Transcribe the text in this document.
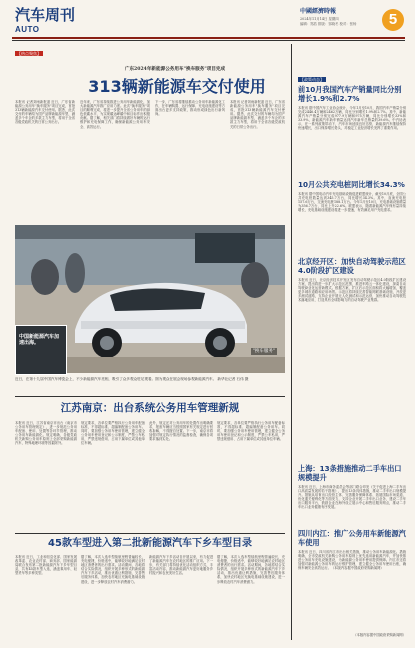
汽车周刊
AUTO
中國經濟時報
2024年11月14日 星期四
编辑：郑浩 排版：邹晓冬 校对：张杨	5
【热点聚焦】
广东2024年新能源公务用车"换车服务"项目完成
313辆新能源车交付使用
本报讯 记者刘雨新报道 近日，广东省新能源公务用车"换车服务"项目完成，首批313辆新能源汽车交付使用。据悉，此次交付的车辆均为国产品牌新能源车型，涵盖多个车企的多款主力车型，将用于全省各级党政机关的日常公务出行。
近年来，广东省持续推进公务用车新能源化，加大新能源汽车推广应用力度。此次"换车服务"项目的顺利完成，将进一步提升全省公务用车的绿色低碳水平，为实现碳达峰碳中和目标作出积极贡献。据了解，相关部门将持续做好车辆的运行维护和充电保障工作，确保新能源公务用车安全、高效运行。
下一步，广东省将继续推动公务用车新能源化工作，在车辆购置、运行保障、充电设施建设等方面出台更多支持政策，推动形成绿色出行新风尚。
本报讯 记者刘雨新报道 近日，广东省新能源公务用车"换车服务"项目完成，首批313辆新能源汽车交付使用。据悉，此次交付的车辆均为国产品牌新能源车型，涵盖多个车企的多款主力车型，将用于全省各级党政机关的日常公务出行。
"换车服务"
中国新能源汽车加速出海。
近日，在第十九届中国汽车博览会上，不少新能源汽车亮相，吸引了众多观众驻足观看。图为观众在展会现场参观新能源汽车。 新华社记者 石伟 摄
江苏南京：出台系统公务用车管理新规
本报讯 近日，江苏省南京市出台《南京市公务用车管理规定》，进一步规范公务用车配备、使用、处置等各环节管理，推动公务用车新能源化。规定明确，各级党政机关新购公务用车原则上全部采购新能源汽车，特殊地理环境等因素除外。
规定要求，各单位要严格执行公务用车配备标准，不得超标准、超编制配备公务用车。同时，要加强公务用车使用管理，建立健全公务用车使用登记和公示制度，严禁公车私用，严禁违规借用、占用下属单位或其他单位车辆。
此外，规定还对公务用车的处置作出明确要求，报废车辆应当按照国家有关规定进行回收拆解，不得擅自处置。下一步，南京市将加强对规定执行情况的监督检查，确保各项要求落到实处。
规定要求，各单位要严格执行公务用车配备标准，不得超标准、超编制配备公务用车。同时，要加强公务用车使用管理，建立健全公务用车使用登记和公示制度，严禁公车私用，严禁违规借用、占用下属单位或其他单位车辆。
45款车型进入第二批新能源汽车下乡车型目录
本报讯 近日，工业和信息化部、国家发展改革委、农业农村部、商务部、国家能源局联合发布第二批新能源汽车下乡车型目录，共有45款车型入选，涵盖乘用车、轻型货车等多种类型。
据了解，本次入选车型续航里程普遍较长，充电便捷，价格适中，能够较好地满足农村地区消费者的出行需求。活动期间，各地将结合实际情况，组织开展多种形式的新能源汽车下乡活动，推出优惠让利措施，完善售后服务体系，加快农村地区充换电基础设施建设，进一步释放农村汽车消费潜力。
新能源汽车下乡活动自开展以来，有力促进了新能源汽车在农村地区的推广应用。下一步，有关部门将持续优化活动组织方式，丰富活动内容，推动新能源汽车更好地服务乡村振兴和农民美好生活。
据了解，本次入选车型续航里程普遍较长，充电便捷，价格适中，能够较好地满足农村地区消费者的出行需求。活动期间，各地将结合实际情况，组织开展多种形式的新能源汽车下乡活动，推出优惠让利措施，完善售后服务体系，加快农村地区充换电基础设施建设，进一步释放农村汽车消费潜力。
【政策动态】
前10月我国汽车产销量同比分别增长1.9%和2.7%
本报讯 据中国汽车工业协会统计，今年1月至10月，我国汽车产销量分别完成2446.4万辆和2462万辆，同比分别增长1.9%和2.7%。其中，新能源汽车产销量分别完成977.9万辆和975万辆，同比分别增长33%和33.9%，新能源汽车新车销量达到汽车新车总销量的39.6%。中汽协表示，在一系列政策带动下，汽车市场延续良好态势，新能源汽车继续保持快速增长，出口保持增长势头，对稳定工业经济增长发挥了重要作用。
10月公共充电桩同比增长34.3%
本报讯 据中国电动汽车充电基础设施促进联盟统计，截至10月底，全国公共充电桩数量达到345.7万台，同比增长34.3%。其中，直流充电桩157.6万台，交流充电桩188.1万台。今年1月至10月，充电基础设施增量为356.7万台，同比上升22.6%。联盟表示，随着新能源汽车保有量持续增长，充电基础设施建设将进一步提速，有效满足用户充电需求。
北京经开区：加快自动驾驶示范区4.0阶段扩区建设
本报讯 近日，北京经济技术开发区发布自动驾驶示范区4.0阶段扩区建设方案，提出将进一步扩大示范区范围，推进车路云一体化建设，探索自动驾驶商业化运营新模式。根据方案，扩区后示范区面积将大幅增加，覆盖更多城市道路和应用场景。示范区将持续完善智能网联基础设施，开放更多测试道路，支持企业开展无人化测试和示范运营，加快推动自动驾驶技术落地应用，打造具有全球影响力的自动驾驶产业集群。
上海：13条措施推动二手车出口规模提升
本报讯 近日，上海市商务委员会等部门联合印发《关于促进上海二手车出口高质量发展的若干措施》，提出13条具体措施，推动二手车出口规模提升。措施从培育出口经营主体、完善服务保障体系、拓展国际市场渠道、优化通关便利化等方面发力，支持企业开展二手车出口业务，建设二手车出口服务平台，鼓励企业在海外设立展示中心和售后服务网点，推动二手车出口业务健康有序发展。
四川内江：推广公务用车新能源汽车使用
本报讯 近日，四川省内江市出台相关措施，推动公务用车新能源化。措施明确，全市党政机关新购公务用车原则上优先选用新能源汽车，并加快推进公务用车充电设施建设，为新能源公务用车使用提供保障。内江市还将加强对新能源公务用车的运行维护管理，建立健全公务用车使用台账，确保车辆安全高效运行。（本版内容据中国政府采购新闻网）
（本版内容据中国政府采购新闻网）
